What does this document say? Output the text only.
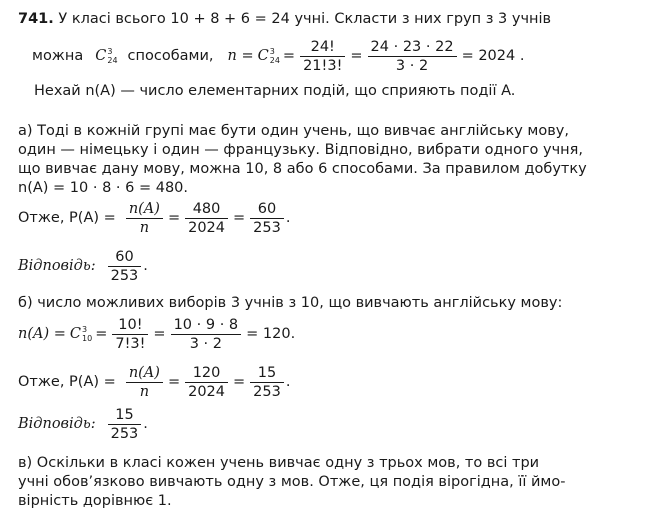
741. У класі всього 10 + 8 + 6 = 24 учні. Скласти з них груп з 3 учнів
можна C 3
24 способами, n = C 3
$24 = \frac{24!}{21!3!} = \frac{24 \cdot 23 \cdot 22}{3 \cdot 2} = 2024$ .
Нехай n(A) — число елементарних подій, що сприяють події A.
а) Тоді в кожній групі має бути один учень, що вивчає англійську мову,
один — німецьку і один — французьку. Відповідно, вибрати одного учня,
що вивчає дану мову, можна 10, 8 або 6 способами. За правилом добутку
n(A) = 10 · 8 · 6 = 480.
Отже, $P(A) = \frac{n(A)}{n} = \frac{480}{2024} = \frac{60}{253}$ .
Відповідь: $\frac{60}{253}$ .
б) число можливих виборів 3 учнів з 10, що вивчають англійську мову:
n(A) = C 3
$10 = \frac{10!}{7!3!} = \frac{10 \cdot 9 \cdot 8}{3 \cdot 2} = 120$.
Отже, $P(A) = \frac{n(A)}{n} = \frac{120}{2024} = \frac{15}{253}$ .
Відповідь: $\frac{15}{253}$ .
в) Оскільки в класі кожен учень вивчає одну з трьох мов, то всі три
учні обов’язково вивчають одну з мов. Отже, ця подія вірогідна, її ймо-
вірність дорівнює 1.
